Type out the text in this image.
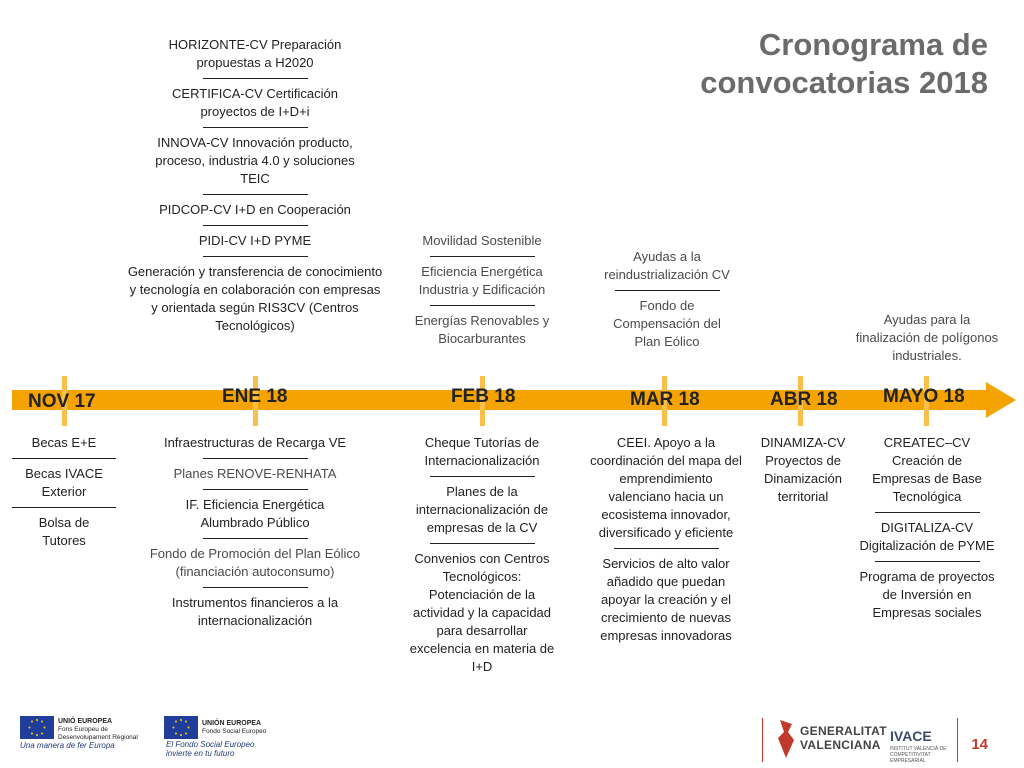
Cronograma de
convocatorias 2018
HORIZONTE-CV Preparación propuestas a H2020
CERTIFICA-CV Certificación proyectos de I+D+i
INNOVA-CV Innovación producto, proceso, industria 4.0 y soluciones TEIC
PIDCOP-CV I+D en Cooperación
PIDI-CV I+D PYME
Generación y transferencia de conocimiento y tecnología en colaboración con empresas y orientada según RIS3CV (Centros Tecnológicos)
Movilidad Sostenible
Eficiencia Energética Industria y Edificación
Energías Renovables y Biocarburantes
Ayudas a la reindustrialización CV
Fondo de Compensación del Plan Eólico
Ayudas para la finalización de polígonos industriales.
NOV 17	ENE 18	FEB 18	MAR 18	ABR 18 MAYO 18
Becas E+E
Becas IVACE Exterior
Bolsa de Tutores
Infraestructuras de Recarga VE
Planes RENOVE-RENHATA
IF. Eficiencia Energética Alumbrado Público
Fondo de Promoción del Plan Eólico (financiación autoconsumo)
Instrumentos financieros a la internacionalización
Cheque Tutorías de Internacionalización
Planes de la internacionalización de empresas de la CV
Convenios con Centros Tecnológicos: Potenciación de la actividad y la capacidad para desarrollar excelencia en materia de I+D
CEEI. Apoyo a la coordinación del mapa del emprendimiento valenciano hacia un ecosistema innovador, diversificado y eficiente
Servicios de alto valor añadido que puedan apoyar la creación y el crecimiento de nuevas empresas innovadoras
DINAMIZA-CV Proyectos de Dinamización territorial
CREATEC–CV Creación de Empresas de Base Tecnológica
DIGITALIZA-CV Digitalización de PYME
Programa de proyectos de Inversión en Empresas sociales
UNIÓ EUROPEA
Fons Europeu de
Desenvolupament Regional
Una manera de fer Europa
UNIÓN EUROPEA
Fondo Social Europeo
El Fondo Social Europeo
invierte en tu futuro
GENERALITAT
VALENCIANA
IVACE
INSTITUT VALENCIÀ DE COMPETITIVITAT EMPRESARIAL
14
